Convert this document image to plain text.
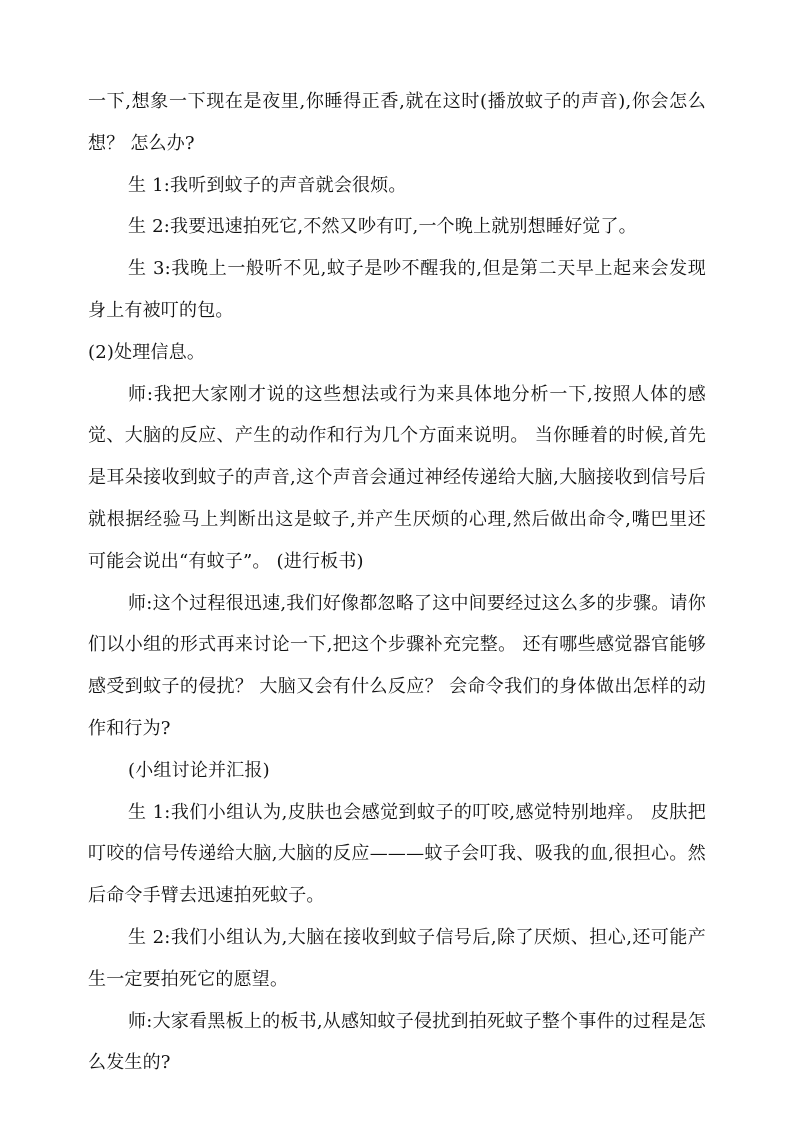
一下,想象一下现在是夜里,你睡得正香,就在这时(播放蚊子的声音),你会怎么想？ 怎么办?

生 1:我听到蚊子的声音就会很烦。

生 2:我要迅速拍死它,不然又吵有叮,一个晚上就别想睡好觉了。

生 3:我晚上一般听不见,蚊子是吵不醒我的,但是第二天早上起来会发现身上有被叮的包。

(2)处理信息。

师:我把大家刚才说的这些想法或行为来具体地分析一下,按照人体的感觉、大脑的反应、产生的动作和行为几个方面来说明。 当你睡着的时候,首先是耳朵接收到蚊子的声音,这个声音会通过神经传递给大脑,大脑接收到信号后就根据经验马上判断出这是蚊子,并产生厌烦的心理,然后做出命令,嘴巴里还可能会说出“有蚊子”。 (进行板书)

师:这个过程很迅速,我们好像都忽略了这中间要经过这么多的步骤。请你们以小组的形式再来讨论一下,把这个步骤补充完整。 还有哪些感觉器官能够感受到蚊子的侵扰？ 大脑又会有什么反应？ 会命令我们的身体做出怎样的动作和行为?

(小组讨论并汇报)

生 1:我们小组认为,皮肤也会感觉到蚊子的叮咬,感觉特别地痒。 皮肤把叮咬的信号传递给大脑,大脑的反应———蚊子会叮我、吸我的血,很担心。然后命令手臂去迅速拍死蚊子。

生 2:我们小组认为,大脑在接收到蚊子信号后,除了厌烦、担心,还可能产生一定要拍死它的愿望。

师:大家看黑板上的板书,从感知蚊子侵扰到拍死蚊子整个事件的过程是怎么发生的?
